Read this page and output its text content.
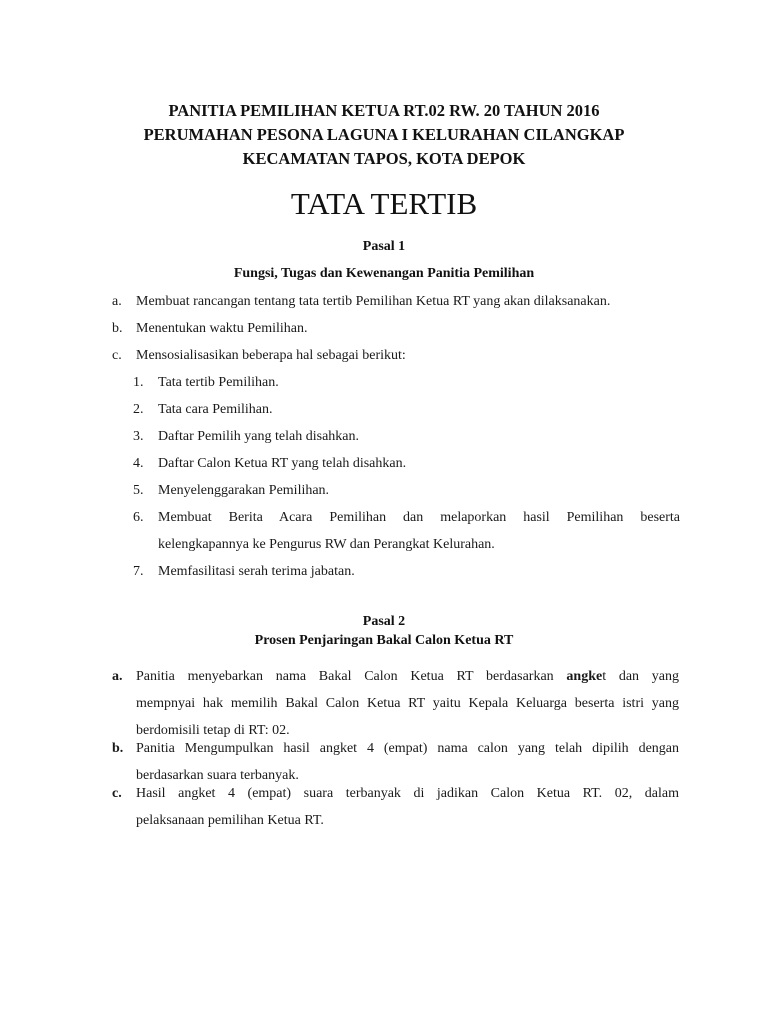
PANITIA PEMILIHAN KETUA RT.02 RW. 20 TAHUN 2016
PERUMAHAN PESONA LAGUNA I KELURAHAN CILANGKAP
KECAMATAN TAPOS, KOTA DEPOK
TATA TERTIB
Pasal 1
Fungsi, Tugas dan Kewenangan Panitia Pemilihan
a. Membuat rancangan tentang tata tertib Pemilihan Ketua RT yang akan dilaksanakan.
b. Menentukan waktu Pemilihan.
c. Mensosialisasikan beberapa hal sebagai berikut:
1. Tata tertib Pemilihan.
2. Tata cara Pemilihan.
3. Daftar Pemilih yang telah disahkan.
4. Daftar Calon Ketua RT yang telah disahkan.
5. Menyelenggarakan Pemilihan.
6. Membuat Berita Acara Pemilihan dan melaporkan hasil Pemilihan beserta
kelengkapannya ke Pengurus RW dan Perangkat Kelurahan.
7. Memfasilitasi serah terima jabatan.
Pasal 2
Prosen Penjaringan Bakal Calon Ketua RT
a. Panitia menyebarkan nama Bakal Calon Ketua RT berdasarkan angket dan yang
mempnyai hak memilih Bakal Calon Ketua RT yaitu Kepala Keluarga beserta istri yang
berdomisili tetap di RT: 02.
b. Panitia Mengumpulkan hasil angket 4 (empat) nama calon yang telah dipilih dengan
berdasarkan suara terbanyak.
c. Hasil angket 4 (empat) suara terbanyak di jadikan Calon Ketua RT. 02, dalam
pelaksanaan pemilihan Ketua RT.
